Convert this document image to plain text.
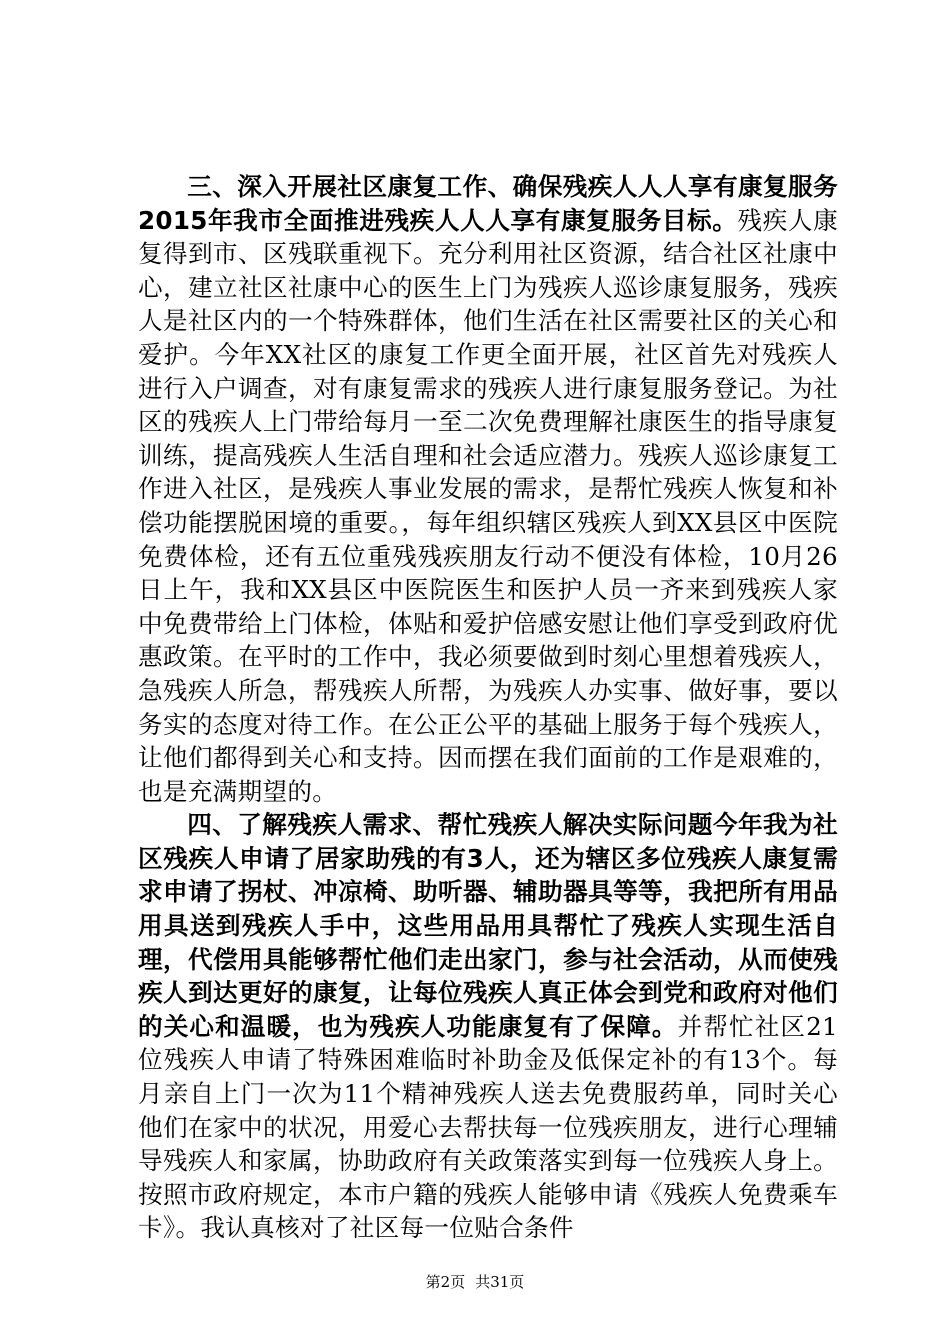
三、深入开展社区康复工作、确保残疾人人人享有康复服务2015年我市全面推进残疾人人人享有康复服务目标。残疾人康复得到市、区残联重视下。充分利用社区资源，结合社区社康中心，建立社区社康中心的医生上门为残疾人巡诊康复服务，残疾人是社区内的一个特殊群体，他们生活在社区需要社区的关心和爱护。今年XX社区的康复工作更全面开展，社区首先对残疾人进行入户调查，对有康复需求的残疾人进行康复服务登记。为社区的残疾人上门带给每月一至二次免费理解社康医生的指导康复训练，提高残疾人生活自理和社会适应潜力。残疾人巡诊康复工作进入社区，是残疾人事业发展的需求，是帮忙残疾人恢复和补偿功能摆脱困境的重要。，每年组织辖区残疾人到XX县区中医院免费体检，还有五位重残残疾朋友行动不便没有体检，10月26日上午，我和XX县区中医院医生和医护人员一齐来到残疾人家中免费带给上门体检，体贴和爱护倍感安慰让他们享受到政府优惠政策。在平时的工作中，我必须要做到时刻心里想着残疾人，急残疾人所急，帮残疾人所帮，为残疾人办实事、做好事，要以务实的态度对待工作。在公正公平的基础上服务于每个残疾人，让他们都得到关心和支持。因而摆在我们面前的工作是艰难的，也是充满期望的。

四、了解残疾人需求、帮忙残疾人解决实际问题今年我为社区残疾人申请了居家助残的有3人，还为辖区多位残疾人康复需求申请了拐杖、冲凉椅、助听器、辅助器具等等，我把所有用品用具送到残疾人手中，这些用品用具帮忙了残疾人实现生活自理，代偿用具能够帮忙他们走出家门，参与社会活动，从而使残疾人到达更好的康复，让每位残疾人真正体会到党和政府对他们的关心和温暖，也为残疾人功能康复有了保障。并帮忙社区21位残疾人申请了特殊困难临时补助金及低保定补的有13个。每月亲自上门一次为11个精神残疾人送去免费服药单，同时关心他们在家中的状况，用爱心去帮扶每一位残疾朋友，进行心理辅导残疾人和家属，协助政府有关政策落实到每一位残疾人身上。按照市政府规定，本市户籍的残疾人能够申请《残疾人免费乘车卡》。我认真核对了社区每一位贴合条件

第2页 共31页
